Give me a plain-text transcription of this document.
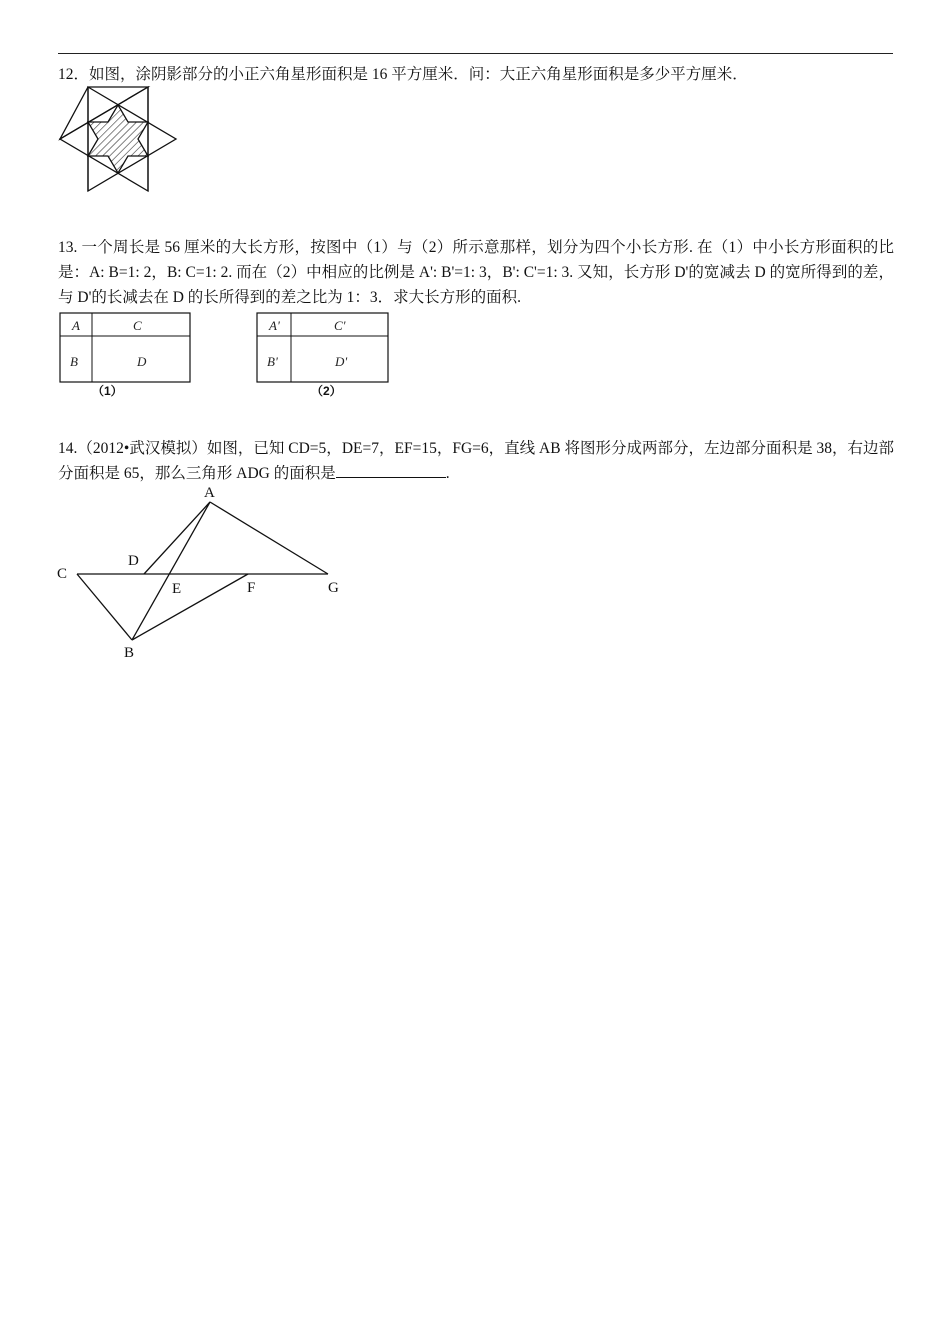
12．如图，涂阴影部分的小正六角星形面积是 16 平方厘米．问：大正六角星形面积是多少平方厘米．
13. 一个周长是 56 厘米的大长方形，按图中（1）与（2）所示意那样，划分为四个小长方形. 在（1）中小长方形面积的比是：A: B=1: 2，B: C=1: 2. 而在（2）中相应的比例是 A': B'=1: 3，B': C'=1: 3. 又知，长方形 D'的宽减去 D 的宽所得到的差，与 D'的长减去在 D 的长所得到的差之比为 1：3．求大长方形的面积.
A	C
B	D
（1）
A'	C'
B'	D'
（2）
14.（2012•武汉模拟）如图，已知 CD=5，DE=7，EF=15，FG=6，直线 AB 将图形分成两部分，左边部分面积是 38，右边部分面积是 65，那么三角形 ADG 的面积是	.
A
D
C
E	F	G
B
